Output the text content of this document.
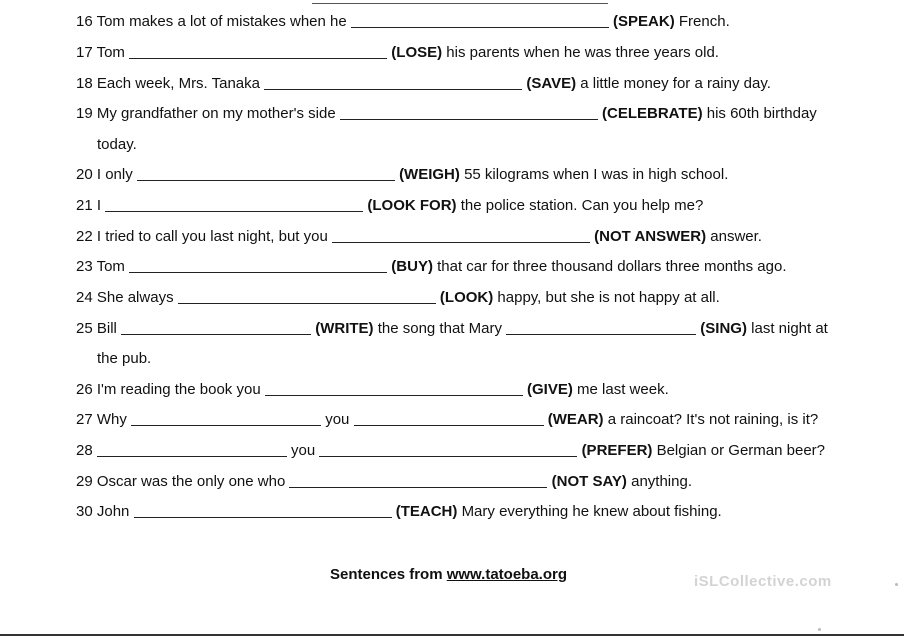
16 Tom makes a lot of mistakes when he	(SPEAK) French.
17 Tom	(LOSE) his parents when he was three years old.
18 Each week, Mrs. Tanaka	(SAVE) a little money for a rainy day.
19 My grandfather on my mother's side	(CELEBRATE) his 60th birthday
today.
20 I only	(WEIGH) 55 kilograms when I was in high school.
21 I	(LOOK FOR) the police station. Can you help me?
22 I tried to call you last night, but you	(NOT ANSWER) answer.
23 Tom	(BUY) that car for three thousand dollars three months ago.
24 She always	(LOOK) happy, but she is not happy at all.
25 Bill	(WRITE) the song that Mary	(SING) last night at
the pub.
26 I'm reading the book you	(GIVE) me last week.
27 Why	you	(WEAR) a raincoat? It's not raining, is it?
28	you	(PREFER) Belgian or German beer?
29 Oscar was the only one who	(NOT SAY) anything.
30 John	(TEACH) Mary everything he knew about fishing.
Sentences from www.tatoeba.org	iSLCollective.com
